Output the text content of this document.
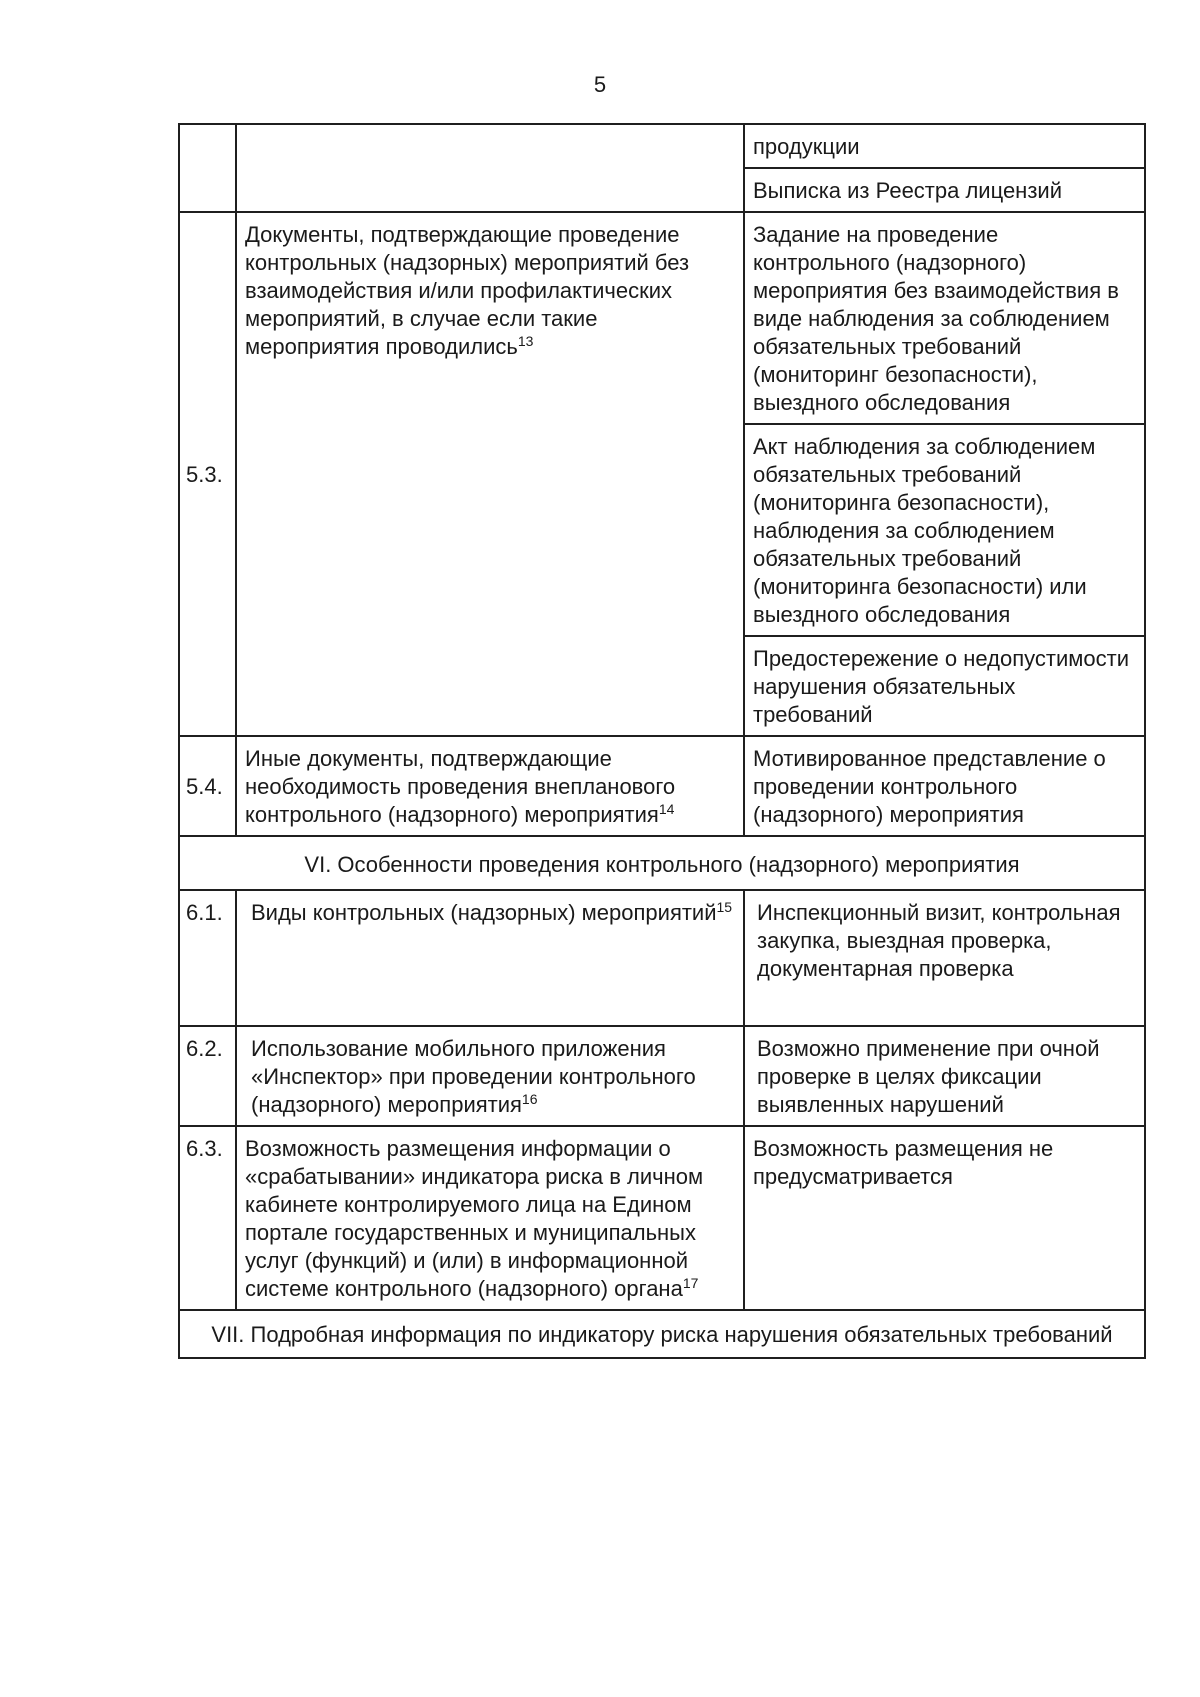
5
		продукции
		Выписка из Реестра лицензий
5.3.	Документы, подтверждающие проведение контрольных (надзорных) мероприятий без взаимодействия и/или профилактических мероприятий, в случае если такие мероприятия проводились$^{13}$	Задание на проведение контрольного (надзорного) мероприятия без взаимодействия в виде наблюдения за соблюдением обязательных требований (мониторинг безопасности), выездного обследования
		Акт наблюдения за соблюдением обязательных требований (мониторинга безопасности), наблюдения за соблюдением обязательных требований (мониторинга безопасности) или выездного обследования
		Предостережение о недопустимости нарушения обязательных требований
5.4.	Иные документы, подтверждающие необходимость проведения внепланового контрольного (надзорного) мероприятия$^{14}$	Мотивированное представление о проведении контрольного (надзорного) мероприятия
VI. Особенности проведения контрольного (надзорного) мероприятия		
6.1.	Виды контрольных (надзорных) мероприятий$^{15}$	Инспекционный визит, контрольная закупка, выездная проверка, документарная проверка
6.2.	Использование мобильного приложения «Инспектор» при проведении контрольного (надзорного) мероприятия$^{16}$	Возможно применение при очной проверке в целях фиксации выявленных нарушений
6.3.	Возможность размещения информации о «срабатывании» индикатора риска в личном кабинете контролируемого лица на Едином портале государственных и муниципальных услуг (функций) и (или) в информационной системе контрольного (надзорного) органа$^{17}$	Возможность размещения не предусматривается
VII. Подробная информация по индикатору риска нарушения обязательных требований		
